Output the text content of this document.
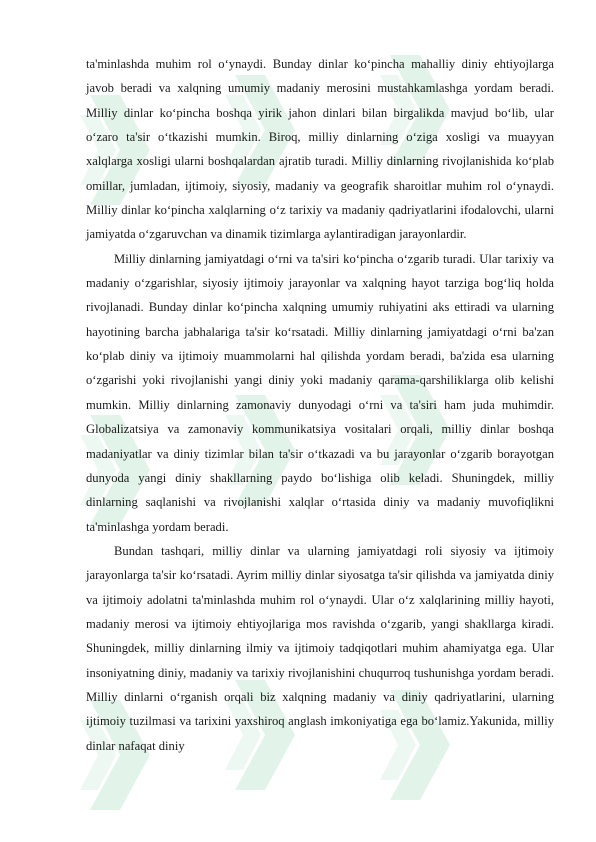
ta'minlashda muhim rol o‘ynaydi. Bunday dinlar ko‘pincha mahalliy diniy ehtiyojlarga javob beradi va xalqning umumiy madaniy merosini mustahkamlashga yordam beradi. Milliy dinlar ko‘pincha boshqa yirik jahon dinlari bilan birgalikda mavjud bo‘lib, ular o‘zaro ta'sir o‘tkazishi mumkin. Biroq, milliy dinlarning o‘ziga xosligi va muayyan xalqlarga xosligi ularni boshqalardan ajratib turadi. Milliy dinlarning rivojlanishida ko‘plab omillar, jumladan, ijtimoiy, siyosiy, madaniy va geografik sharoitlar muhim rol o‘ynaydi. Milliy dinlar ko‘pincha xalqlarning o‘z tarixiy va madaniy qadriyatlarini ifodalovchi, ularni jamiyatda o‘zgaruvchan va dinamik tizimlarga aylantiradigan jarayonlardir.

Milliy dinlarning jamiyatdagi o‘rni va ta'siri ko‘pincha o‘zgarib turadi. Ular tarixiy va madaniy o‘zgarishlar, siyosiy ijtimoiy jarayonlar va xalqning hayot tarziga bog‘liq holda rivojlanadi. Bunday dinlar ko‘pincha xalqning umumiy ruhiyatini aks ettiradi va ularning hayotining barcha jabhalariga ta'sir ko‘rsatadi. Milliy dinlarning jamiyatdagi o‘rni ba'zan ko‘plab diniy va ijtimoiy muammolarni hal qilishda yordam beradi, ba'zida esa ularning o‘zgarishi yoki rivojlanishi yangi diniy yoki madaniy qarama-qarshiliklarga olib kelishi mumkin. Milliy dinlarning zamonaviy dunyodagi o‘rni va ta'siri ham juda muhimdir. Globalizatsiya va zamonaviy kommunikatsiya vositalari orqali, milliy dinlar boshqa madaniyatlar va diniy tizimlar bilan ta'sir o‘tkazadi va bu jarayonlar o‘zgarib borayotgan dunyoda yangi diniy shakllarning paydo bo‘lishiga olib keladi. Shuningdek, milliy dinlarning saqlanishi va rivojlanishi xalqlar o‘rtasida diniy va madaniy muvofiqlikni ta'minlashga yordam beradi.

Bundan tashqari, milliy dinlar va ularning jamiyatdagi roli siyosiy va ijtimoiy jarayonlarga ta'sir ko‘rsatadi. Ayrim milliy dinlar siyosatga ta'sir qilishda va jamiyatda diniy va ijtimoiy adolatni ta'minlashda muhim rol o‘ynaydi. Ular o‘z xalqlarining milliy hayoti, madaniy merosi va ijtimoiy ehtiyojlariga mos ravishda o‘zgarib, yangi shakllarga kiradi. Shuningdek, milliy dinlarning ilmiy va ijtimoiy tadqiqotlari muhim ahamiyatga ega. Ular insoniyatning diniy, madaniy va tarixiy rivojlanishini chuqurroq tushunishga yordam beradi. Milliy dinlarni o‘rganish orqali biz xalqning madaniy va diniy qadriyatlarini, ularning ijtimoiy tuzilmasi va tarixini yaxshiroq anglash imkoniyatiga ega bo‘lamiz.Yakunida, milliy dinlar nafaqat diniy
